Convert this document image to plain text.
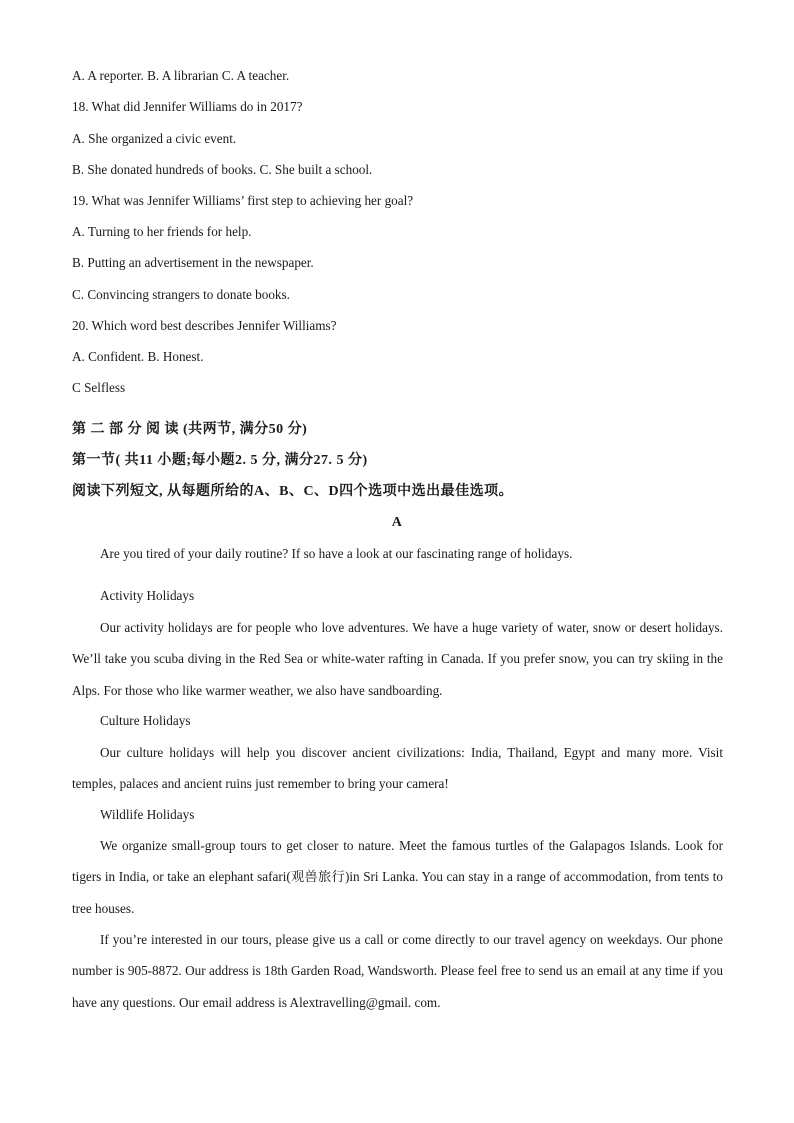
A. A reporter. B. A librarian C. A teacher.

18. What did Jennifer Williams do in 2017?

A. She organized a civic event.

B. She donated hundreds of books. C. She built a school.

19. What was Jennifer Williams’ first step to achieving her goal?

A. Turning to her friends for help.

B. Putting an advertisement in the newspaper.

C. Convincing strangers to donate books.

20. Which word best describes Jennifer Williams?

A. Confident. B. Honest.

C Selfless

第 二 部 分 阅 读 (共两节, 满分50 分)

第一节( 共11 小题;每小题2. 5 分, 满分27. 5 分)

阅读下列短文, 从每题所给的A、B、C、D四个选项中选出最佳选项。

A

Are you tired of your daily routine? If so have a look at our fascinating range of holidays.

Activity Holidays

Our activity holidays are for people who love adventures. We have a huge variety of water, snow or desert holidays. We’ll take you scuba diving in the Red Sea or white-water rafting in Canada. If you prefer snow, you can try skiing in the Alps. For those who like warmer weather, we also have sandboarding.

Culture Holidays

Our culture holidays will help you discover ancient civilizations: India, Thailand, Egypt and many more. Visit temples, palaces and ancient ruins just remember to bring your camera!

Wildlife Holidays

We organize small-group tours to get closer to nature. Meet the famous turtles of the Galapagos Islands. Look for tigers in India, or take an elephant safari(观兽旅行)in Sri Lanka. You can stay in a range of accommodation, from tents to tree houses.

If you’re interested in our tours, please give us a call or come directly to our travel agency on weekdays. Our phone number is 905-8872. Our address is 18th Garden Road, Wandsworth. Please feel free to send us an email at any time if you have any questions. Our email address is Alextravelling@gmail. com.
